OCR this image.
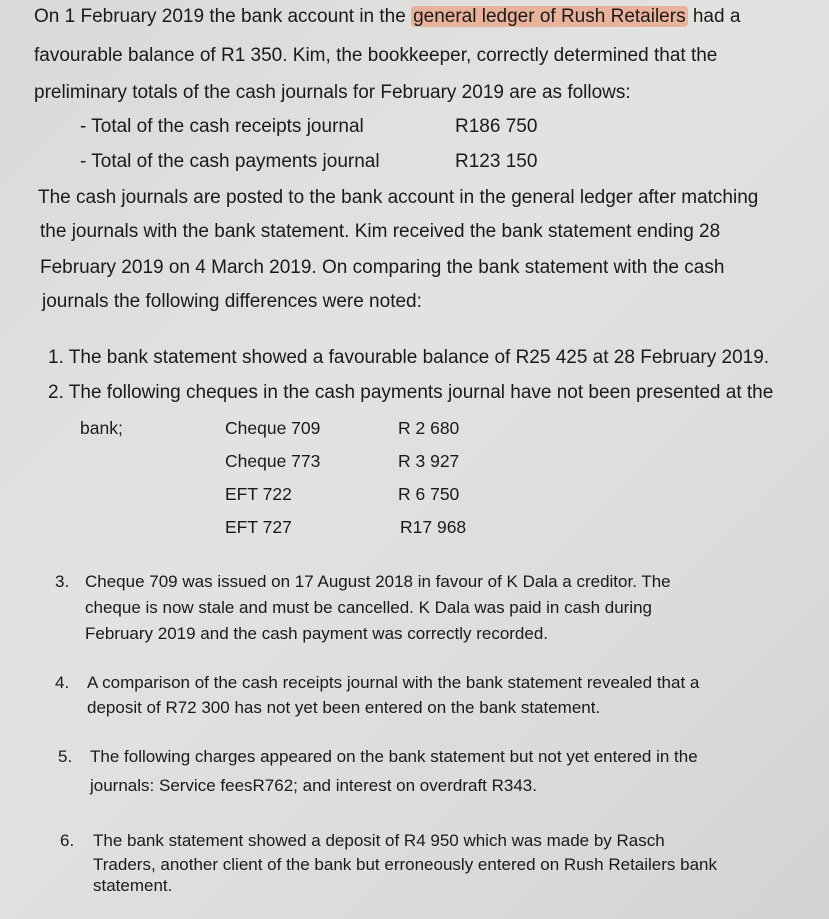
On 1 February 2019 the bank account in the general ledger of Rush Retailers had a
favourable balance of R1 350. Kim, the bookkeeper, correctly determined that the
preliminary totals of the cash journals for February 2019 are as follows:
- Total of the cash receipts journal	R186 750
- Total of the cash payments journal	R123 150
The cash journals are posted to the bank account in the general ledger after matching
the journals with the bank statement. Kim received the bank statement ending 28
February 2019 on 4 March 2019. On comparing the bank statement with the cash
journals the following differences were noted:
1. The bank statement showed a favourable balance of R25 425 at 28 February 2019.
2. The following cheques in the cash payments journal have not been presented at the
bank;	Cheque 709	R 2 680
Cheque 773	R 3 927
EFT 722	R 6 750
EFT 727	R17 968
3. Cheque 709 was issued on 17 August 2018 in favour of K Dala a creditor. The
cheque is now stale and must be cancelled. K Dala was paid in cash during
February 2019 and the cash payment was correctly recorded.
4. A comparison of the cash receipts journal with the bank statement revealed that a
deposit of R72 300 has not yet been entered on the bank statement.
5. The following charges appeared on the bank statement but not yet entered in the
journals: Service feesR762; and interest on overdraft R343.
6. The bank statement showed a deposit of R4 950 which was made by Rasch
Traders, another client of the bank but erroneously entered on Rush Retailers bank
statement.
